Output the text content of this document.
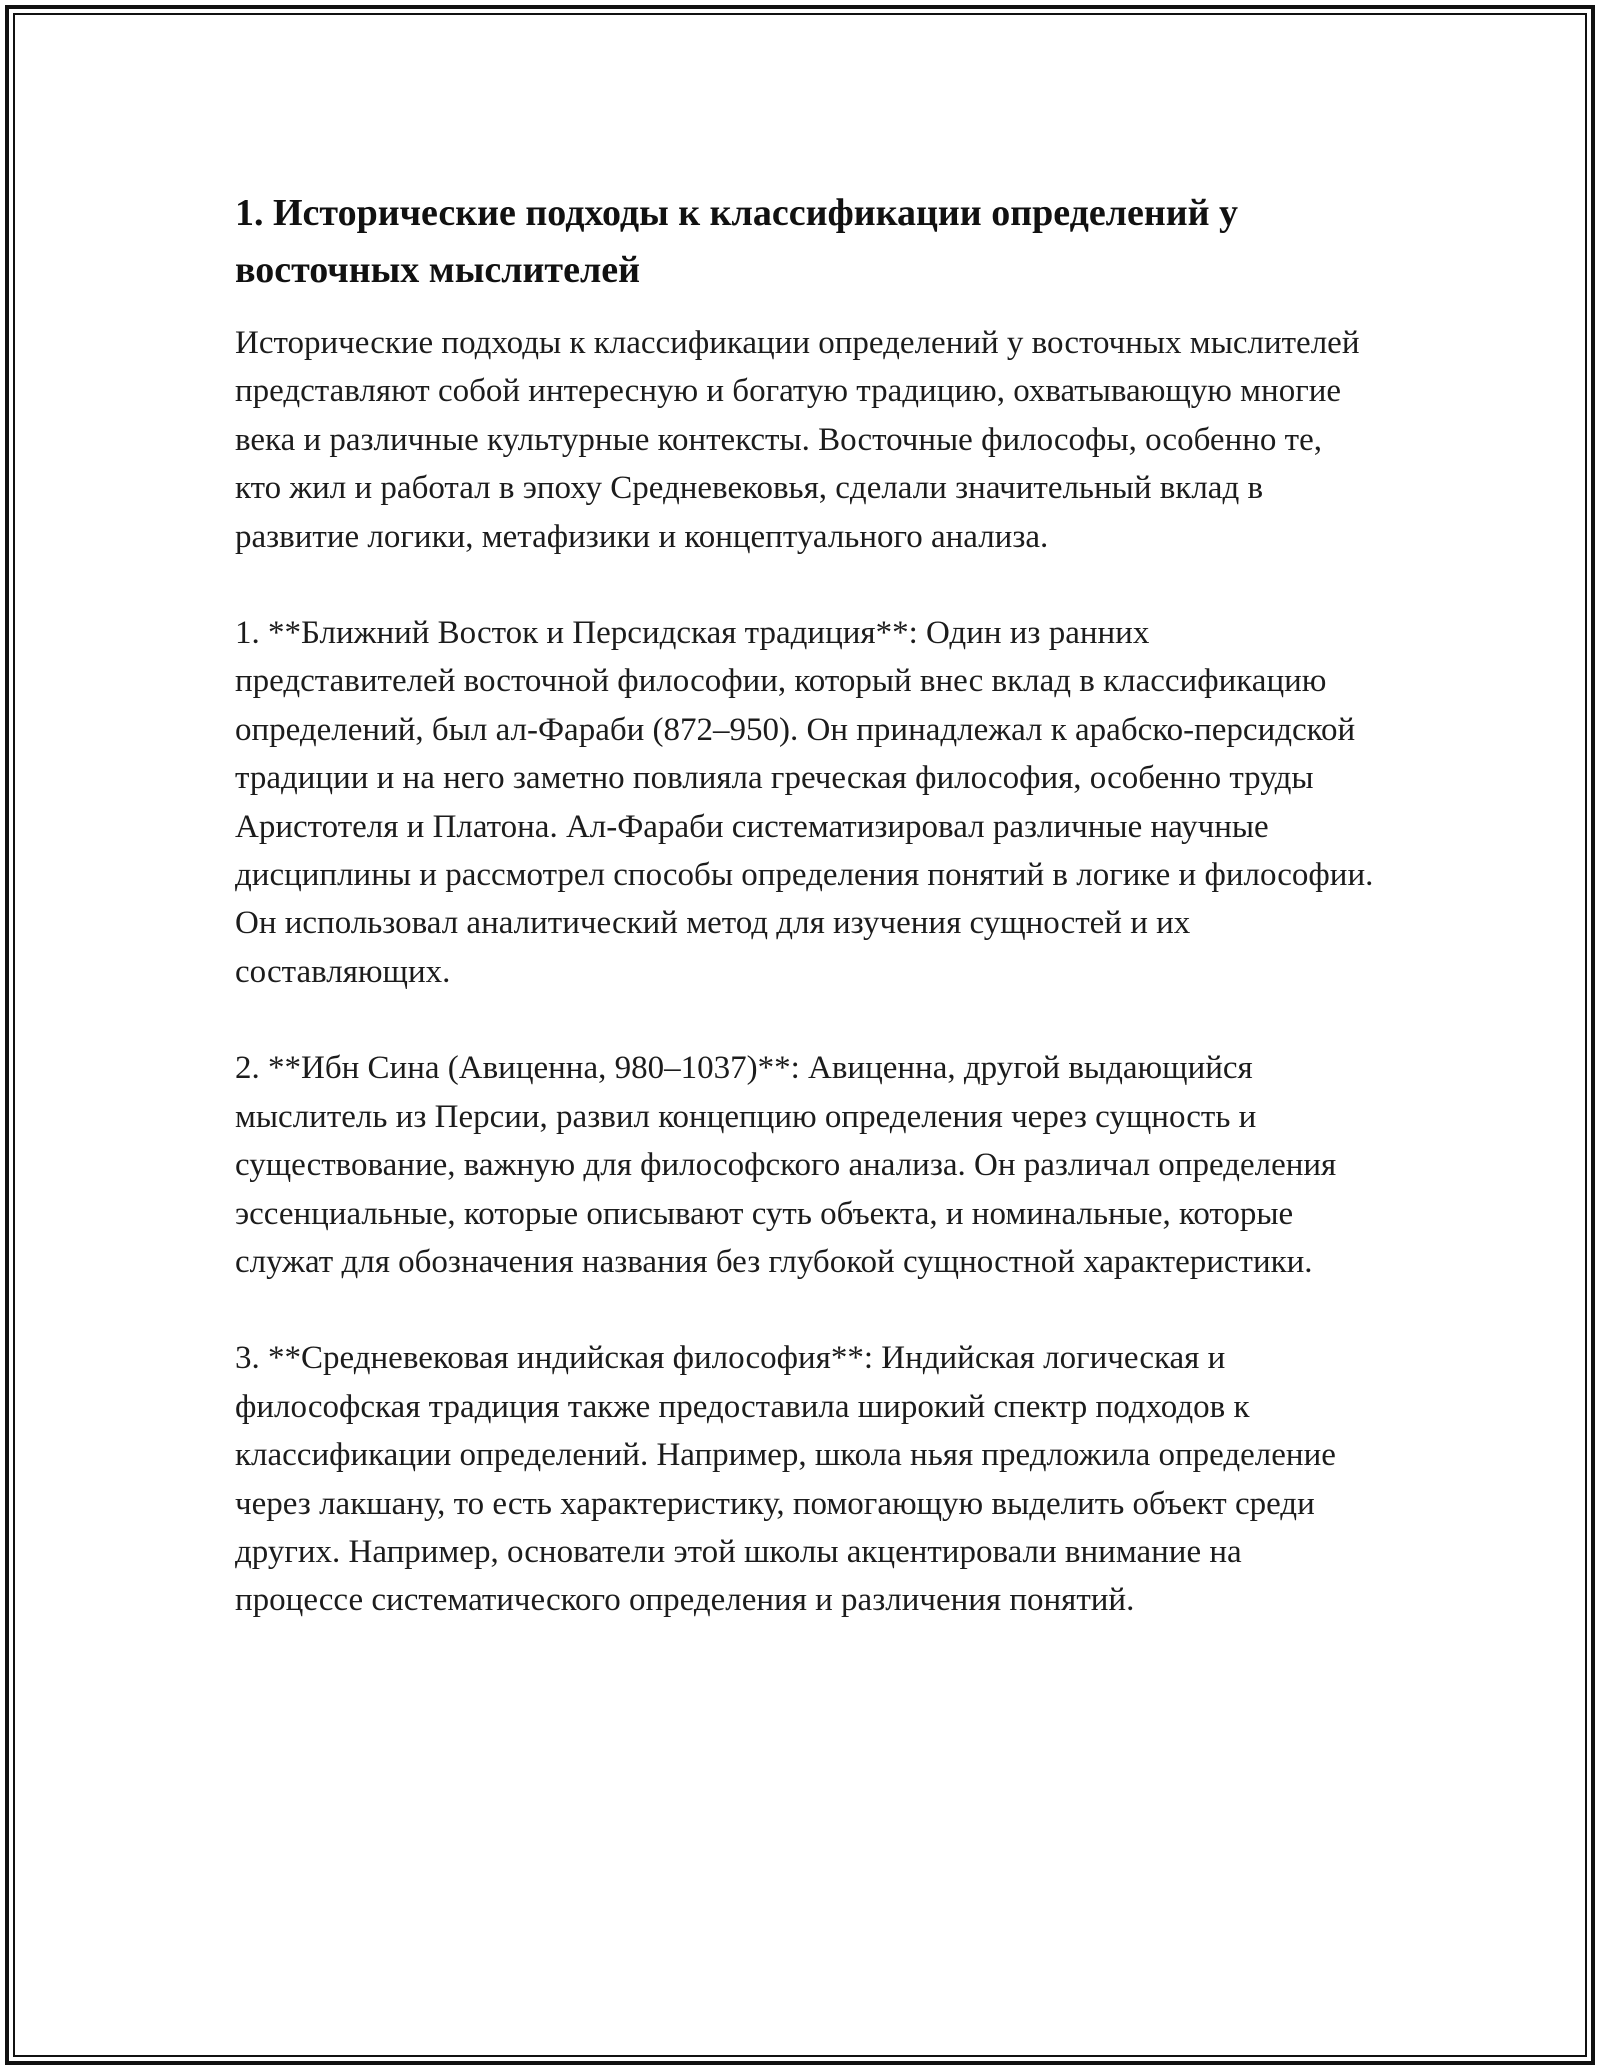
1. Исторические подходы к классификации определений у восточных мыслителей

Исторические подходы к классификации определений у восточных мыслителей представляют собой интересную и богатую традицию, охватывающую многие века и различные культурные контексты. Восточные философы, особенно те, кто жил и работал в эпоху Средневековья, сделали значительный вклад в развитие логики, метафизики и концептуального анализа.

1. **Ближний Восток и Персидская традиция**: Один из ранних представителей восточной философии, который внес вклад в классификацию определений, был ал-Фараби (872–950). Он принадлежал к арабско-персидской традиции и на него заметно повлияла греческая философия, особенно труды Аристотеля и Платона. Ал-Фараби систематизировал различные научные дисциплины и рассмотрел способы определения понятий в логике и философии. Он использовал аналитический метод для изучения сущностей и их составляющих.

2. **Ибн Сина (Авиценна, 980–1037)**: Авиценна, другой выдающийся мыслитель из Персии, развил концепцию определения через сущность и существование, важную для философского анализа. Он различал определения эссенциальные, которые описывают суть объекта, и номинальные, которые служат для обозначения названия без глубокой сущностной характеристики.

3. **Средневековая индийская философия**: Индийская логическая и философская традиция также предоставила широкий спектр подходов к классификации определений. Например, школа ньяя предложила определение через лакшану, то есть характеристику, помогающую выделить объект среди других. Например, основатели этой школы акцентировали внимание на процессе систематического определения и различения понятий.
